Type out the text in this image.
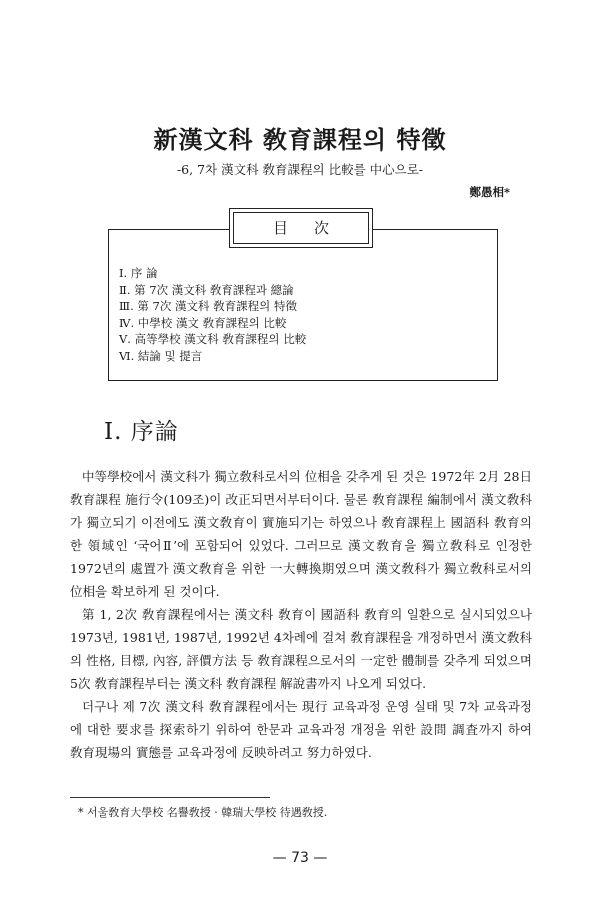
新漢文科 敎育課程의 特徵
-6, 7차 漢文科 敎育課程의 比較를 中心으로-
鄭愚相*
目次
Ⅰ. 序 論
Ⅱ. 第 7次 漢文科 敎育課程과 總論
Ⅲ. 第 7次 漢文科 敎育課程의 特徵
Ⅳ. 中學校 漢文 敎育課程의 比較
Ⅴ. 高等學校 漢文科 敎育課程의 比較
Ⅵ. 結論 및 提言
Ⅰ. 序論

中等學校에서 漢文科가 獨立敎科로서의 位相을 갖추게 된 것은 1972年 2月 28日 敎育課程 施行令(109조)이 改正되면서부터이다. 물론 敎育課程 編制에서 漢文敎科가 獨立되기 이전에도 漢文敎育이 實施되기는 하였으나 敎育課程上 國語科 敎育의 한 領域인 ‘국어Ⅱ’에 포함되어 있었다. 그러므로 漢文敎育을 獨立敎科로 인정한 1972년의 處置가 漢文敎育을 위한 一大轉換期였으며 漢文敎科가 獨立敎科로서의 位相을 확보하게 된 것이다.

第 1, 2次 敎育課程에서는 漢文科 敎育이 國語科 敎育의 일환으로 실시되었으나 1973년, 1981년, 1987년, 1992년 4차례에 걸쳐 敎育課程을 개정하면서 漢文敎科의 性格, 目標, 內容, 評價方法 등 敎育課程으로서의 一定한 體制를 갖추게 되었으며 5次 敎育課程부터는 漢文科 敎育課程 解說書까지 나오게 되었다.

더구나 제 7次 漢文科 敎育課程에서는 現行 교육과정 운영 실태 및 7차 교육과정에 대한 要求를 探索하기 위하여 한문과 교육과정 개정을 위한 設問 調査까지 하여 敎育現場의 實態를 교육과정에 反映하려고 努力하였다.

* 서울敎育大學校 名譽敎授 · 韓瑞大學校 待遇敎授.
— 73 —
